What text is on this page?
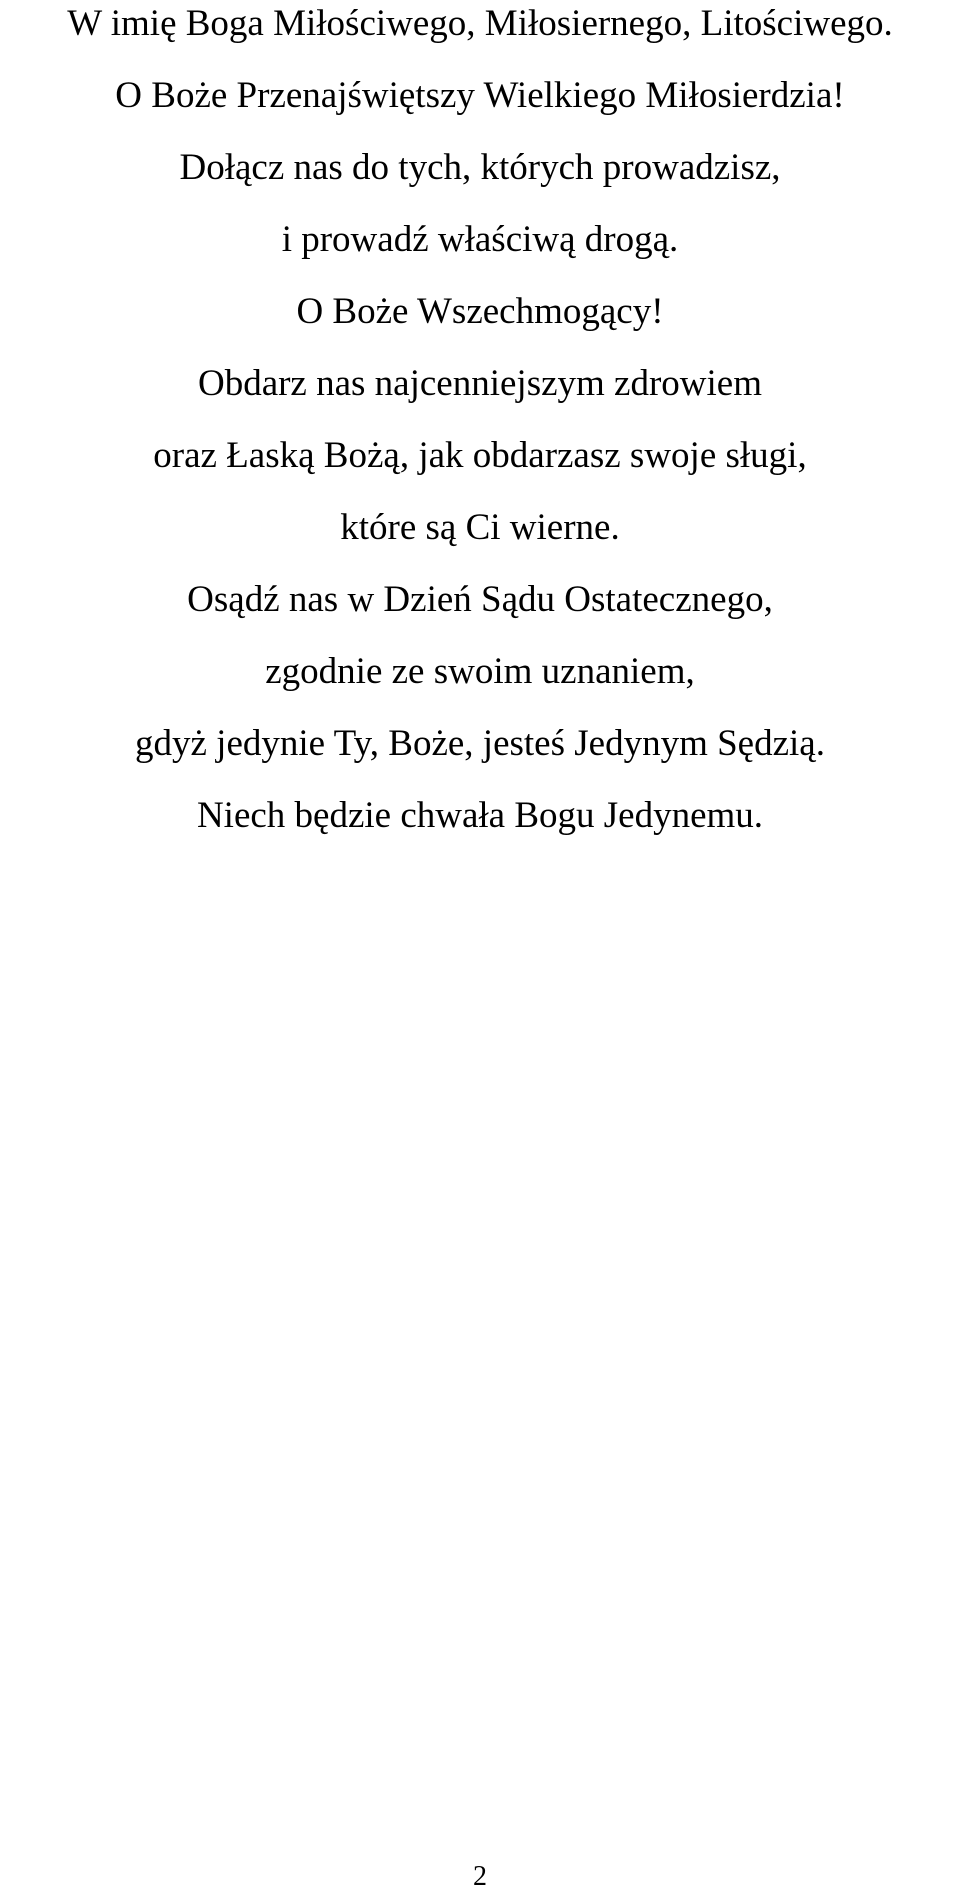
W imię Boga Miłościwego, Miłosiernego, Litościwego.
O Boże Przenajświętszy Wielkiego Miłosierdzia!
Dołącz nas do tych, których prowadzisz,
i prowadź właściwą drogą.
O Boże Wszechmogący!
Obdarz nas najcenniejszym zdrowiem
oraz Łaską Bożą, jak obdarzasz swoje sługi,
które są Ci wierne.
Osądź nas w Dzień Sądu Ostatecznego,
zgodnie ze swoim uznaniem,
gdyż jedynie Ty, Boże, jesteś Jedynym Sędzią.
Niech będzie chwała Bogu Jedynemu.
2
